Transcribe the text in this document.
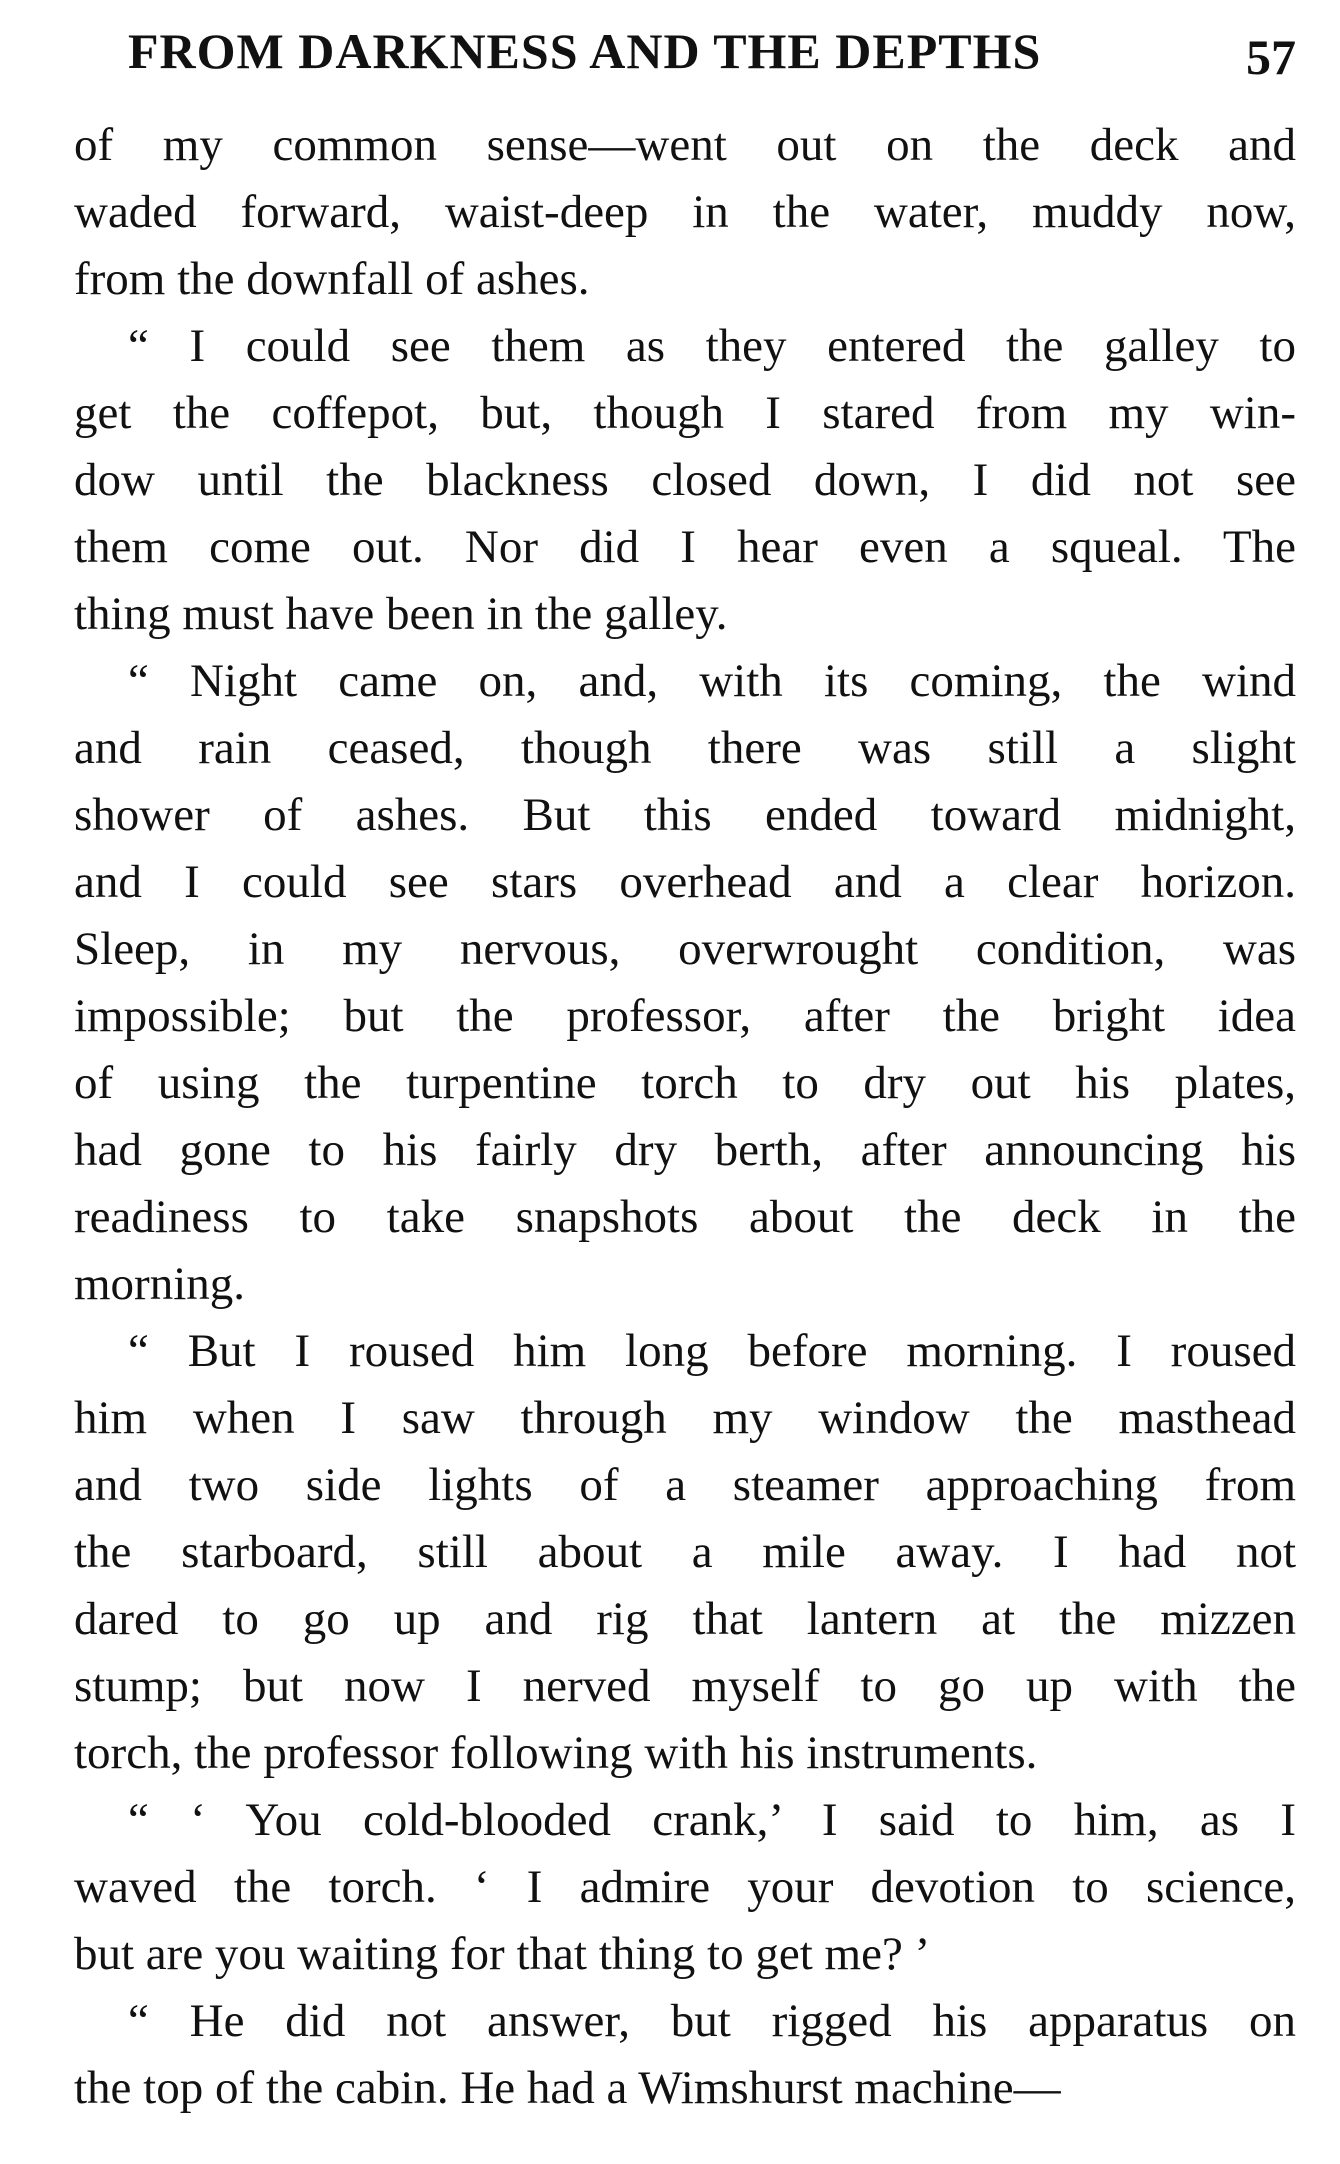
FROM DARKNESS AND THE DEPTHS	57
of my common sense—went out on the deck and
waded forward, waist-deep in the water, muddy now,
from the downfall of ashes.
“ I could see them as they entered the galley to
get the coffepot, but, though I stared from my win-
dow until the blackness closed down, I did not see
them come out. Nor did I hear even a squeal. The
thing must have been in the galley.
“ Night came on, and, with its coming, the wind
and rain ceased, though there was still a slight
shower of ashes. But this ended toward midnight,
and I could see stars overhead and a clear horizon.
Sleep, in my nervous, overwrought condition, was
impossible; but the professor, after the bright idea
of using the turpentine torch to dry out his plates,
had gone to his fairly dry berth, after announcing his
readiness to take snapshots about the deck in the
morning.
“ But I roused him long before morning. I roused
him when I saw through my window the masthead
and two side lights of a steamer approaching from
the starboard, still about a mile away. I had not
dared to go up and rig that lantern at the mizzen
stump; but now I nerved myself to go up with the
torch, the professor following with his instruments.
“ ‘ You cold-blooded crank,’ I said to him, as I
waved the torch. ‘ I admire your devotion to science,
but are you waiting for that thing to get me? ’
“ He did not answer, but rigged his apparatus on
the top of the cabin. He had a Wimshurst machine—
